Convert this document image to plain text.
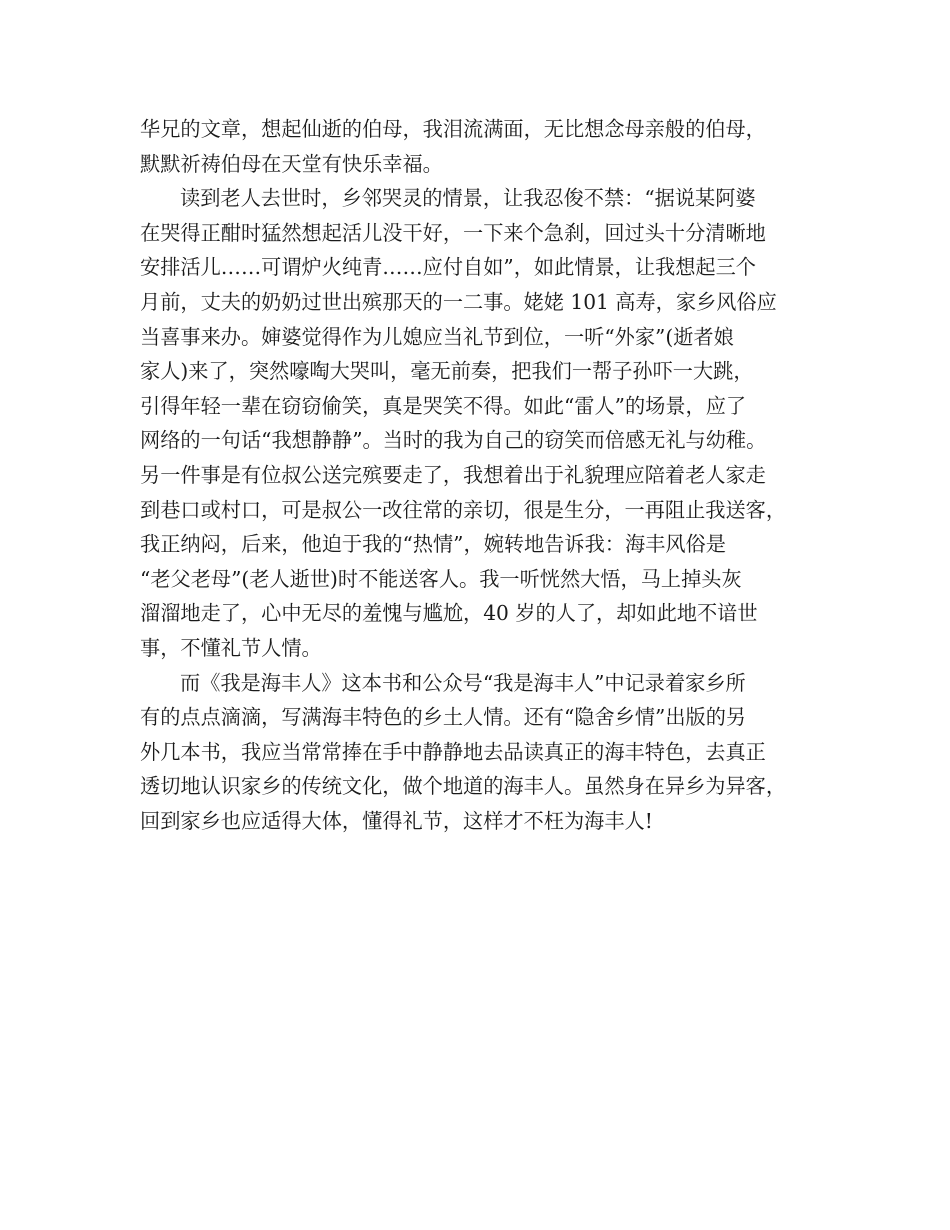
华兄的文章，想起仙逝的伯母，我泪流满面，无比想念母亲般的伯母，
默默祈祷伯母在天堂有快乐幸福。
读到老人去世时，乡邻哭灵的情景，让我忍俊不禁：“据说某阿婆
在哭得正酣时猛然想起活儿没干好，一下来个急刹，回过头十分清晰地
安排活儿……可谓炉火纯青……应付自如”，如此情景，让我想起三个
月前，丈夫的奶奶过世出殡那天的一二事。姥姥 101 高寿，家乡风俗应
当喜事来办。婶婆觉得作为儿媳应当礼节到位，一听“外家”(逝者娘
家人)来了，突然嚎啕大哭叫，毫无前奏，把我们一帮子孙吓一大跳，
引得年轻一辈在窃窃偷笑，真是哭笑不得。如此“雷人”的场景，应了
网络的一句话“我想静静”。当时的我为自己的窃笑而倍感无礼与幼稚。
另一件事是有位叔公送完殡要走了，我想着出于礼貌理应陪着老人家走
到巷口或村口，可是叔公一改往常的亲切，很是生分，一再阻止我送客，
我正纳闷，后来，他迫于我的“热情”，婉转地告诉我：海丰风俗是
“老父老母”(老人逝世)时不能送客人。我一听恍然大悟，马上掉头灰
溜溜地走了，心中无尽的羞愧与尴尬，40 岁的人了，却如此地不谙世
事，不懂礼节人情。
而《我是海丰人》这本书和公众号“我是海丰人”中记录着家乡所
有的点点滴滴，写满海丰特色的乡土人情。还有“隐舍乡情”出版的另
外几本书，我应当常常捧在手中静静地去品读真正的海丰特色，去真正
透切地认识家乡的传统文化，做个地道的海丰人。虽然身在异乡为异客，
回到家乡也应适得大体，懂得礼节，这样才不枉为海丰人!
